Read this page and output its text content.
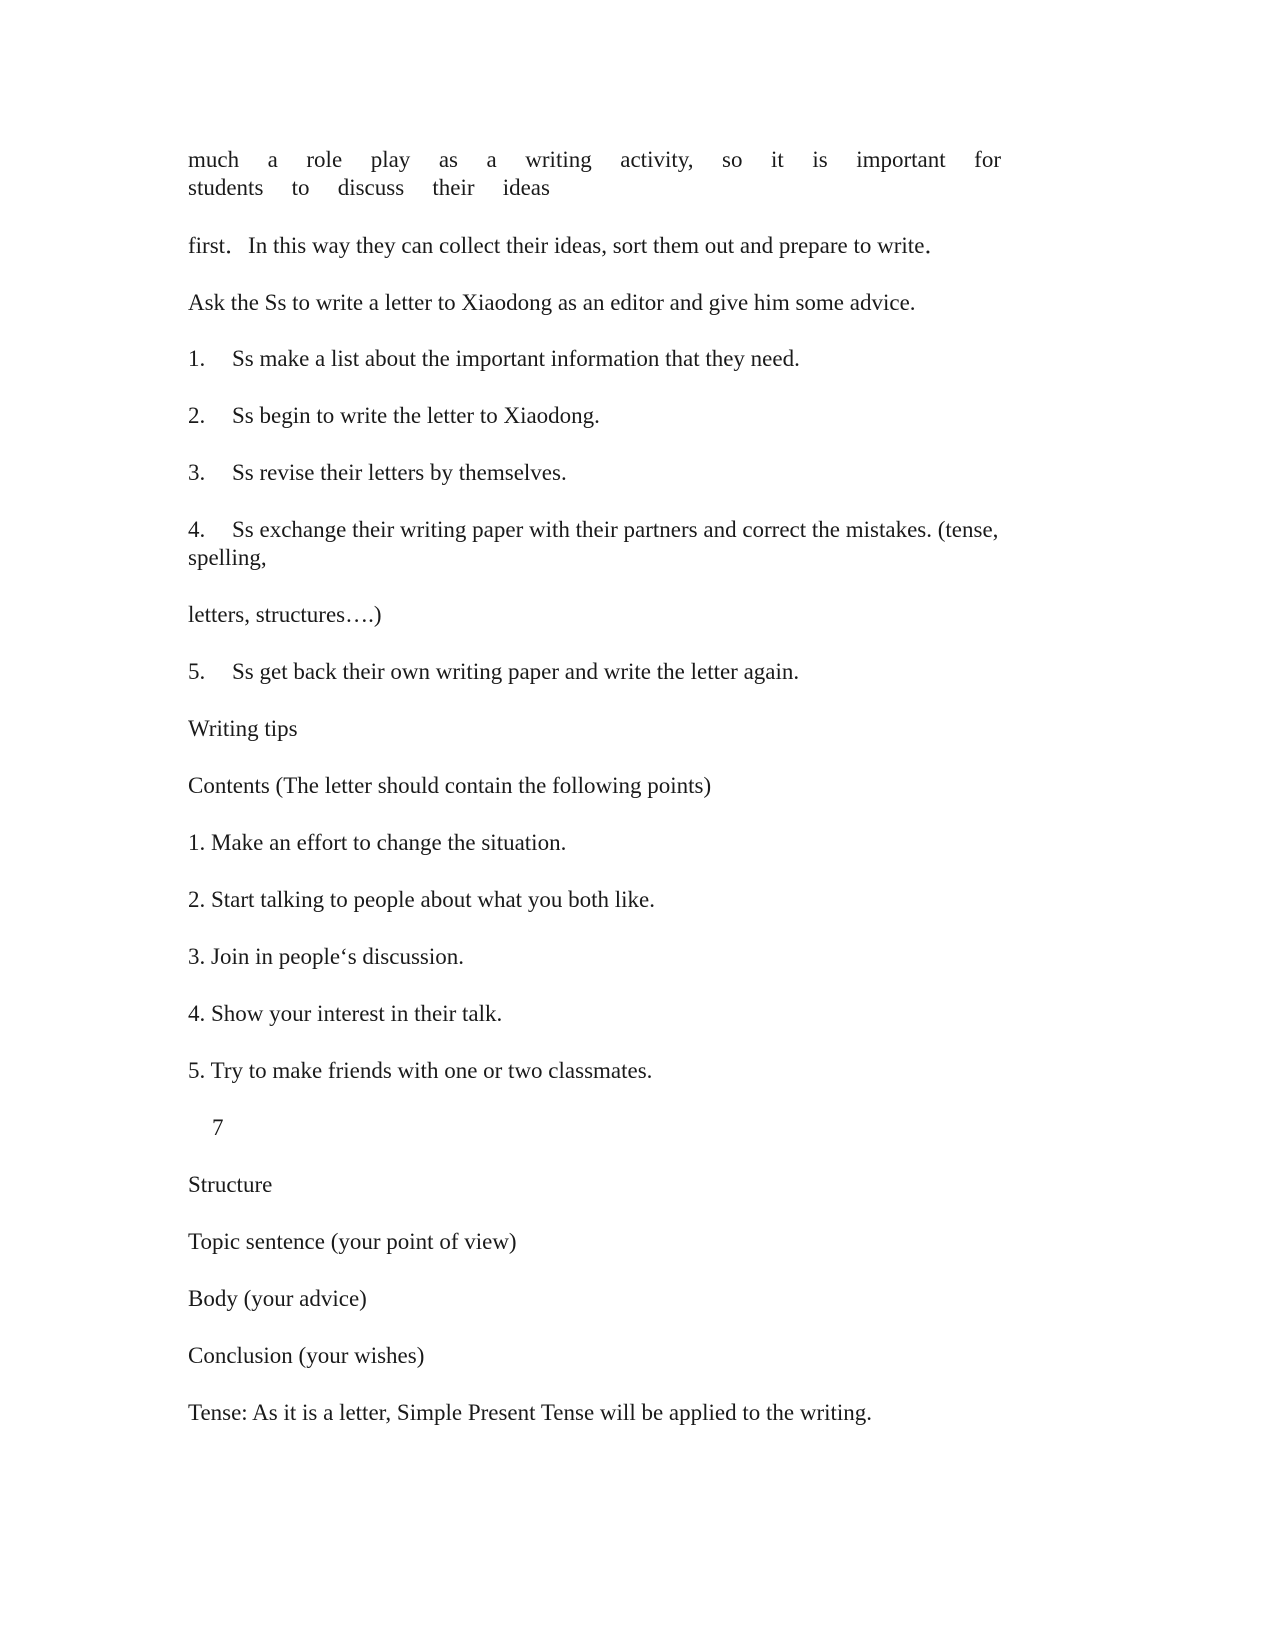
much a role play as a writing activity, so it is important for
students to discuss their ideas
first．In this way they can collect their ideas, sort them out and prepare to write．
Ask the Ss to write a letter to Xiaodong as an editor and give him some advice.
1. Ss make a list about the important information that they need.
2. Ss begin to write the letter to Xiaodong.
3. Ss revise their letters by themselves.
4. Ss exchange their writing paper with their partners and correct the mistakes. (tense,
spelling,
letters, structures….)
5. Ss get back their own writing paper and write the letter again.
Writing tips
Contents (The letter should contain the following points)
1. Make an effort to change the situation.
2. Start talking to people about what you both like.
3. Join in people‘s discussion.
4. Show your interest in their talk.
5. Try to make friends with one or two classmates.
7
Structure
Topic sentence (your point of view)
Body (your advice)
Conclusion (your wishes)
Tense: As it is a letter, Simple Present Tense will be applied to the writing.
